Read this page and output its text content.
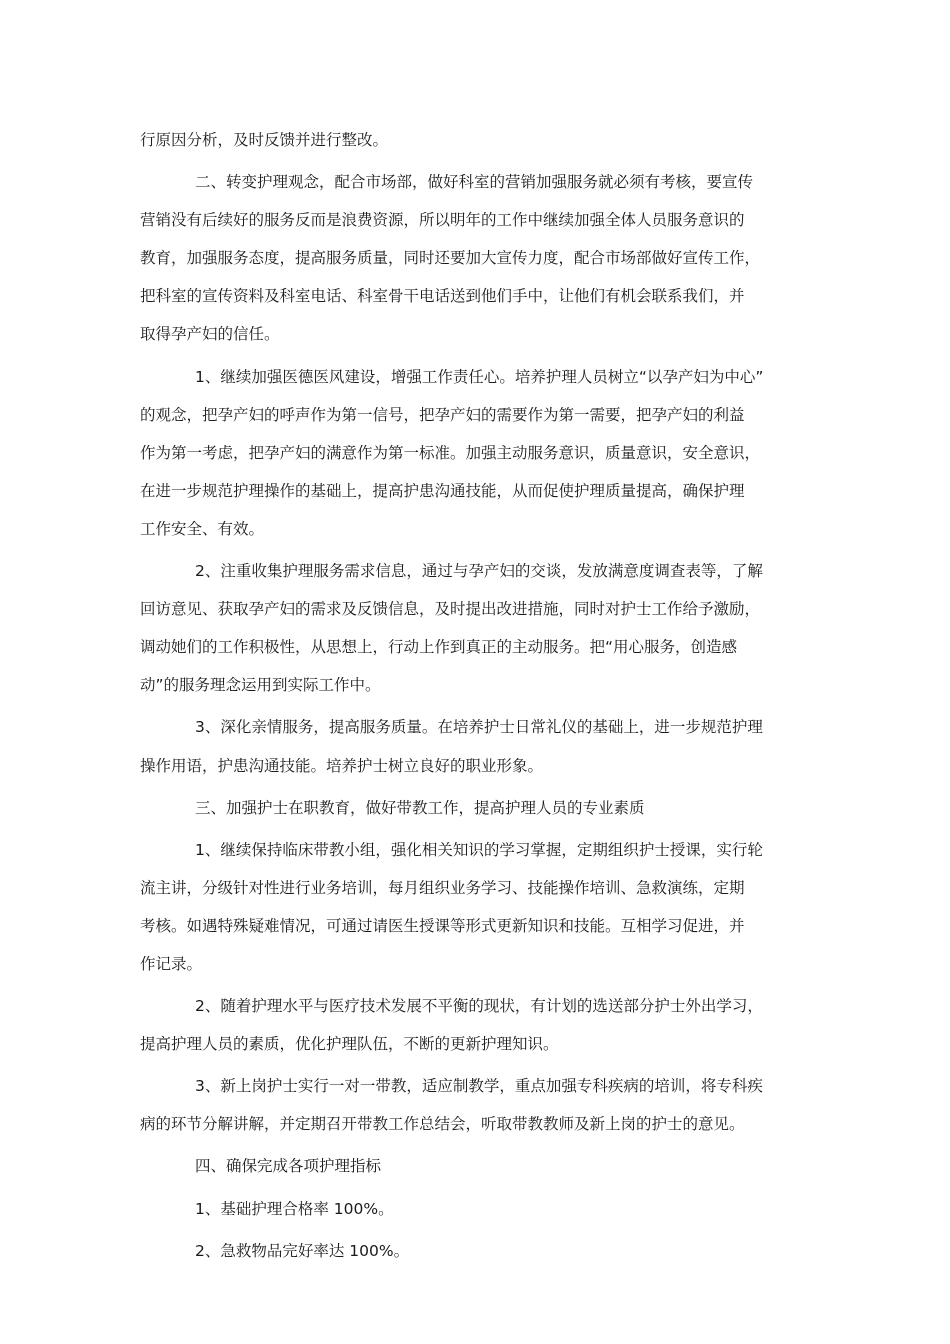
行原因分析，及时反馈并进行整改。

二、转变护理观念，配合市场部，做好科室的营销加强服务就必须有考核，要宣传
营销没有后续好的服务反而是浪费资源，所以明年的工作中继续加强全体人员服务意识的
教育，加强服务态度，提高服务质量，同时还要加大宣传力度，配合市场部做好宣传工作，
把科室的宣传资料及科室电话、科室骨干电话送到他们手中，让他们有机会联系我们，并
取得孕产妇的信任。

1、继续加强医德医风建设，增强工作责任心。培养护理人员树立“以孕产妇为中心”
的观念，把孕产妇的呼声作为第一信号，把孕产妇的需要作为第一需要，把孕产妇的利益
作为第一考虑，把孕产妇的满意作为第一标准。加强主动服务意识，质量意识，安全意识，
在进一步规范护理操作的基础上，提高护患沟通技能，从而促使护理质量提高，确保护理
工作安全、有效。

2、注重收集护理服务需求信息，通过与孕产妇的交谈，发放满意度调查表等，了解
回访意见、获取孕产妇的需求及反馈信息，及时提出改进措施，同时对护士工作给予激励，
调动她们的工作积极性，从思想上，行动上作到真正的主动服务。把“用心服务，创造感
动”的服务理念运用到实际工作中。

3、深化亲情服务，提高服务质量。在培养护士日常礼仪的基础上，进一步规范护理
操作用语，护患沟通技能。培养护士树立良好的职业形象。

三、加强护士在职教育，做好带教工作，提高护理人员的专业素质

1、继续保持临床带教小组，强化相关知识的学习掌握，定期组织护士授课，实行轮
流主讲，分级针对性进行业务培训，每月组织业务学习、技能操作培训、急救演练，定期
考核。如遇特殊疑难情况，可通过请医生授课等形式更新知识和技能。互相学习促进，并
作记录。

2、随着护理水平与医疗技术发展不平衡的现状，有计划的选送部分护士外出学习，
提高护理人员的素质，优化护理队伍，不断的更新护理知识。

3、新上岗护士实行一对一带教，适应制教学，重点加强专科疾病的培训，将专科疾
病的环节分解讲解，并定期召开带教工作总结会，听取带教教师及新上岗的护士的意见。

四、确保完成各项护理指标

1、基础护理合格率 100%。

2、急救物品完好率达 100%。
